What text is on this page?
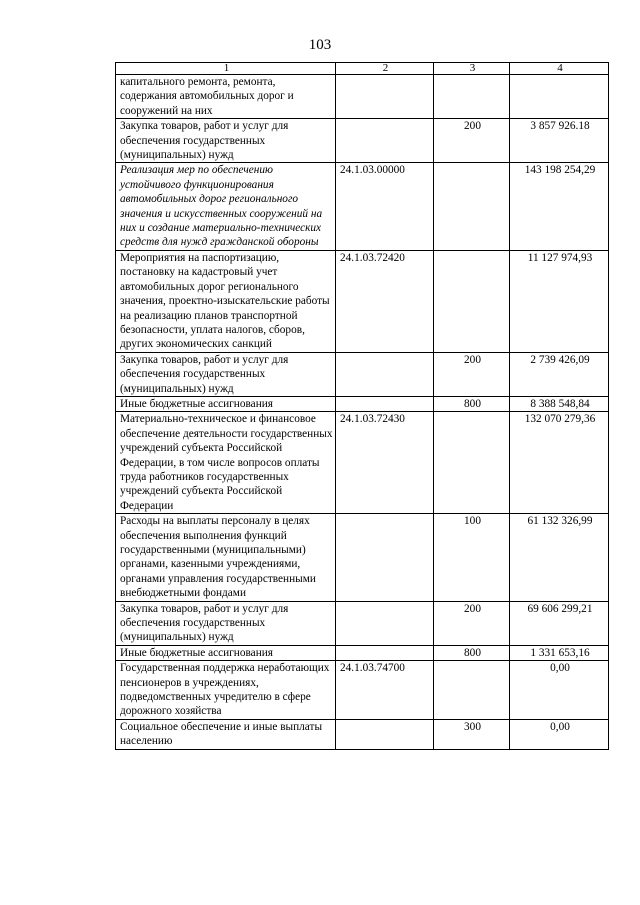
103
1	2	3	4
капитального ремонта, ремонта, содержания автомобильных дорог и сооружений на них			
Закупка товаров, работ и услуг для обеспечения государственных (муниципальных) нужд		200	3 857 926.18
Реализация мер по обеспечению устойчивого функционирования автомобильных дорог регионального значения и искусственных сооружений на них и создание материально-технических средств для нужд гражданской обороны	24.1.03.00000		143 198 254,29
Мероприятия на паспортизацию, постановку на кадастровый учет автомобильных дорог регионального значения, проектно-изыскательские работы на реализацию планов транспортной безопасности, уплата налогов, сборов, других экономических санкций	24.1.03.72420		11 127 974,93
Закупка товаров, работ и услуг для обеспечения государственных (муниципальных) нужд		200	2 739 426,09
Иные бюджетные ассигнования		800	8 388 548,84
Материально-техническое и финансовое обеспечение деятельности государственных учреждений субъекта Российской Федерации, в том числе вопросов оплаты труда работников государственных учреждений субъекта Российской Федерации	24.1.03.72430		132 070 279,36
Расходы на выплаты персоналу в целях обеспечения выполнения функций государственными (муниципальными) органами, казенными учреждениями, органами управления государственными внебюджетными фондами		100	61 132 326,99
Закупка товаров, работ и услуг для обеспечения государственных (муниципальных) нужд		200	69 606 299,21
Иные бюджетные ассигнования		800	1 331 653,16
Государственная поддержка неработающих пенсионеров в учреждениях, подведомственных учредителю в сфере дорожного хозяйства	24.1.03.74700		0,00
Социальное обеспечение и иные выплаты населению		300	0,00
